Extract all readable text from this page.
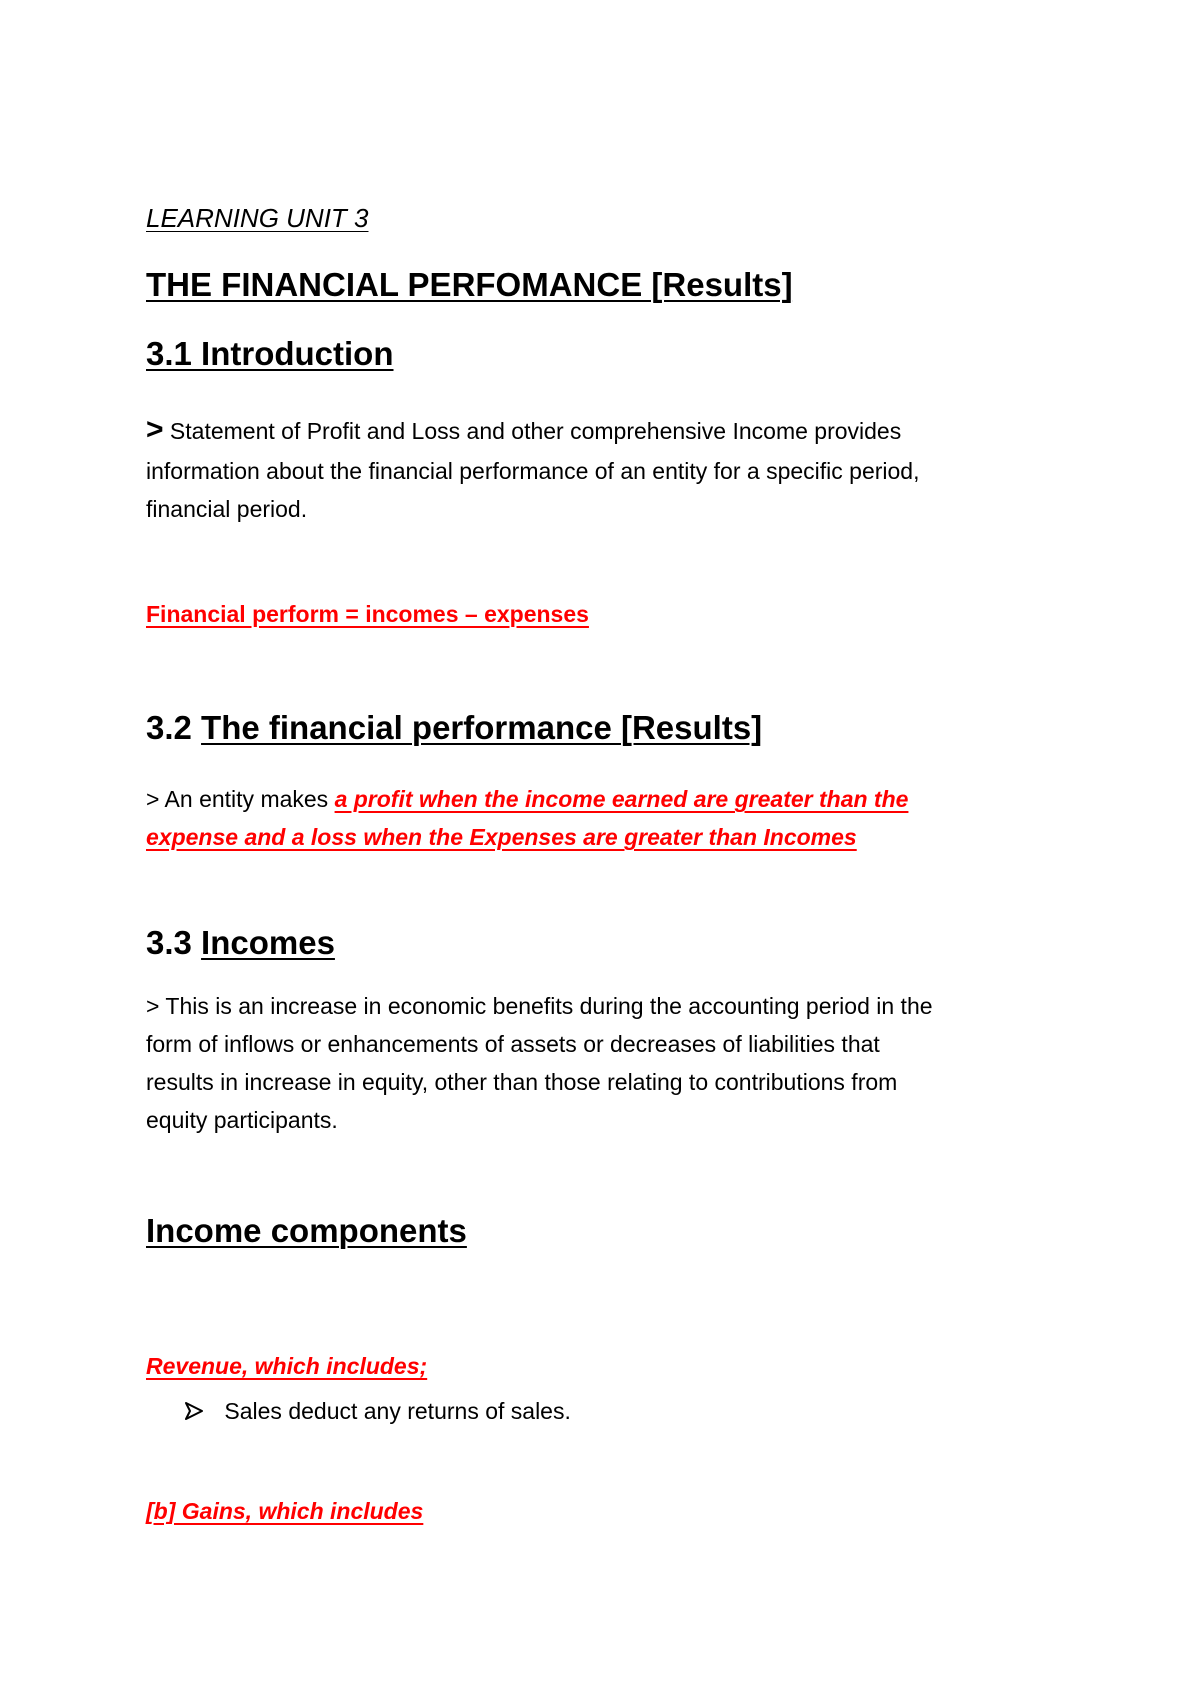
LEARNING UNIT 3
THE FINANCIAL PERFOMANCE [Results]
3.1 Introduction
> Statement of Profit and Loss and other comprehensive Income provides
information about the financial performance of an entity for a specific period,
financial period.
Financial perform = incomes – expenses
3.2 The financial performance [Results]
> An entity makes a profit when the income earned are greater than the
expense and a loss when the Expenses are greater than Incomes
3.3 Incomes
> This is an increase in economic benefits during the accounting period in the
form of inflows or enhancements of assets or decreases of liabilities that
results in increase in equity, other than those relating to contributions from
equity participants.
Income components
Revenue, which includes;
Sales deduct any returns of sales.
[b] Gains, which includes
